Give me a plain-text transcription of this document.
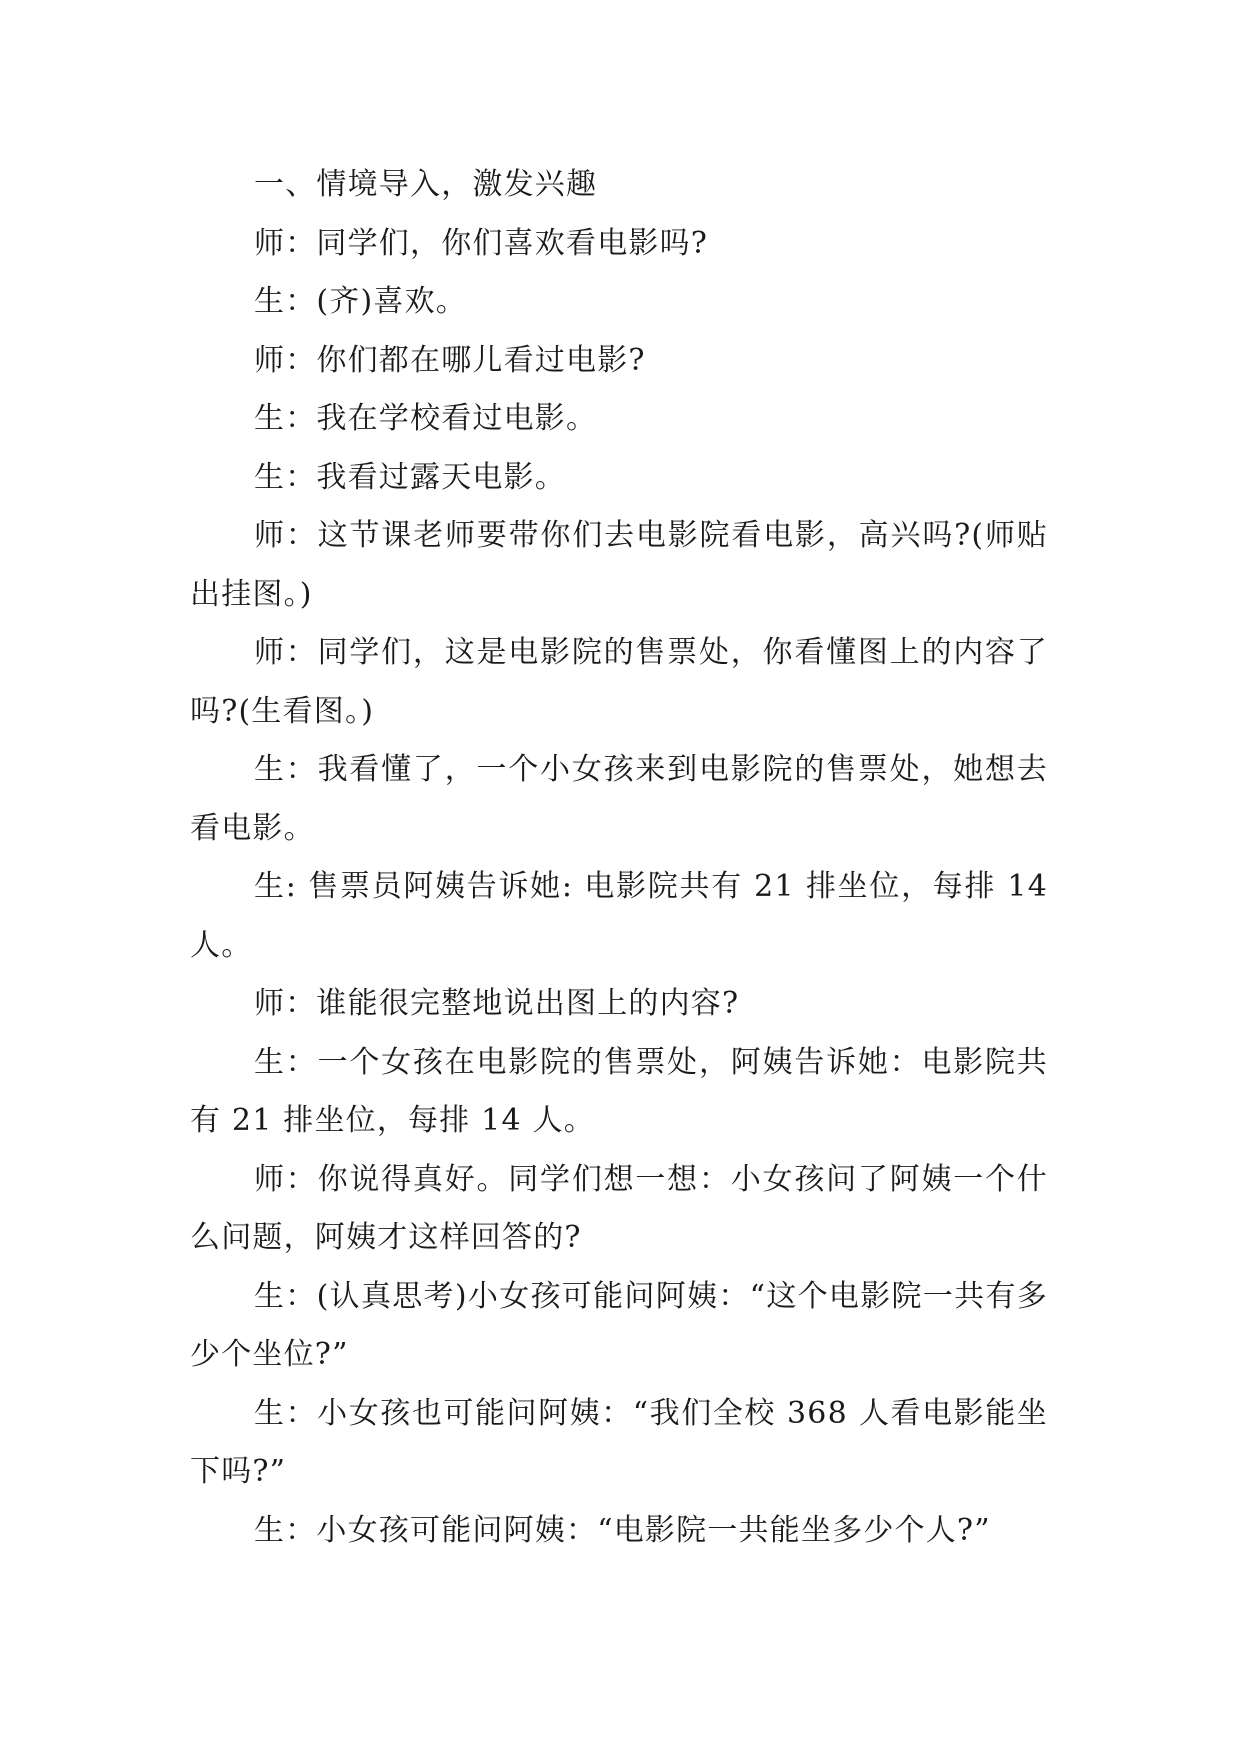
一、情境导入，激发兴趣

师：同学们，你们喜欢看电影吗?

生：(齐)喜欢。

师：你们都在哪儿看过电影?

生：我在学校看过电影。

生：我看过露天电影。

师：这节课老师要带你们去电影院看电影，高兴吗?(师贴出挂图。)

师：同学们，这是电影院的售票处，你看懂图上的内容了吗?(生看图。)

生：我看懂了，一个小女孩来到电影院的售票处，她想去看电影。

生: 售票员阿姨告诉她: 电影院共有 21 排坐位，每排 14 人。

师：谁能很完整地说出图上的内容?

生：一个女孩在电影院的售票处，阿姨告诉她：电影院共有 21 排坐位，每排 14 人。

师：你说得真好。同学们想一想：小女孩问了阿姨一个什么问题，阿姨才这样回答的?

生：(认真思考)小女孩可能问阿姨：“这个电影院一共有多少个坐位?”

生：小女孩也可能问阿姨：“我们全校 368 人看电影能坐下吗?”

生：小女孩可能问阿姨：“电影院一共能坐多少个人?”
